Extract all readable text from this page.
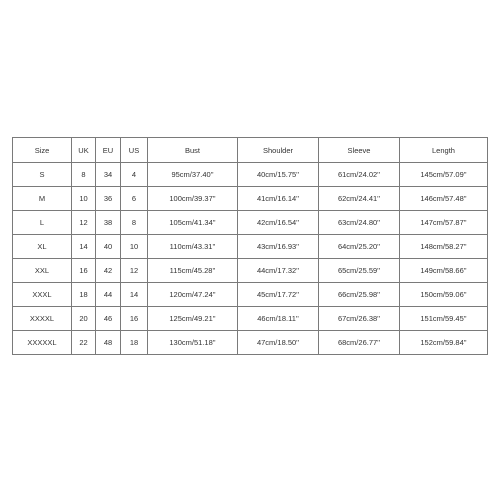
Size	UK	EU	US	Bust	Shoulder	Sleeve	Length
S	8	34	4	95cm/37.40''	40cm/15.75''	61cm/24.02''	145cm/57.09''
M	10	36	6	100cm/39.37''	41cm/16.14''	62cm/24.41''	146cm/57.48''
L	12	38	8	105cm/41.34''	42cm/16.54''	63cm/24.80''	147cm/57.87''
XL	14	40	10	110cm/43.31''	43cm/16.93''	64cm/25.20''	148cm/58.27''
XXL	16	42	12	115cm/45.28''	44cm/17.32''	65cm/25.59''	149cm/58.66''
XXXL	18	44	14	120cm/47.24''	45cm/17.72''	66cm/25.98''	150cm/59.06''
XXXXL	20	46	16	125cm/49.21''	46cm/18.11''	67cm/26.38''	151cm/59.45''
XXXXXL	22	48	18	130cm/51.18''	47cm/18.50''	68cm/26.77''	152cm/59.84''
